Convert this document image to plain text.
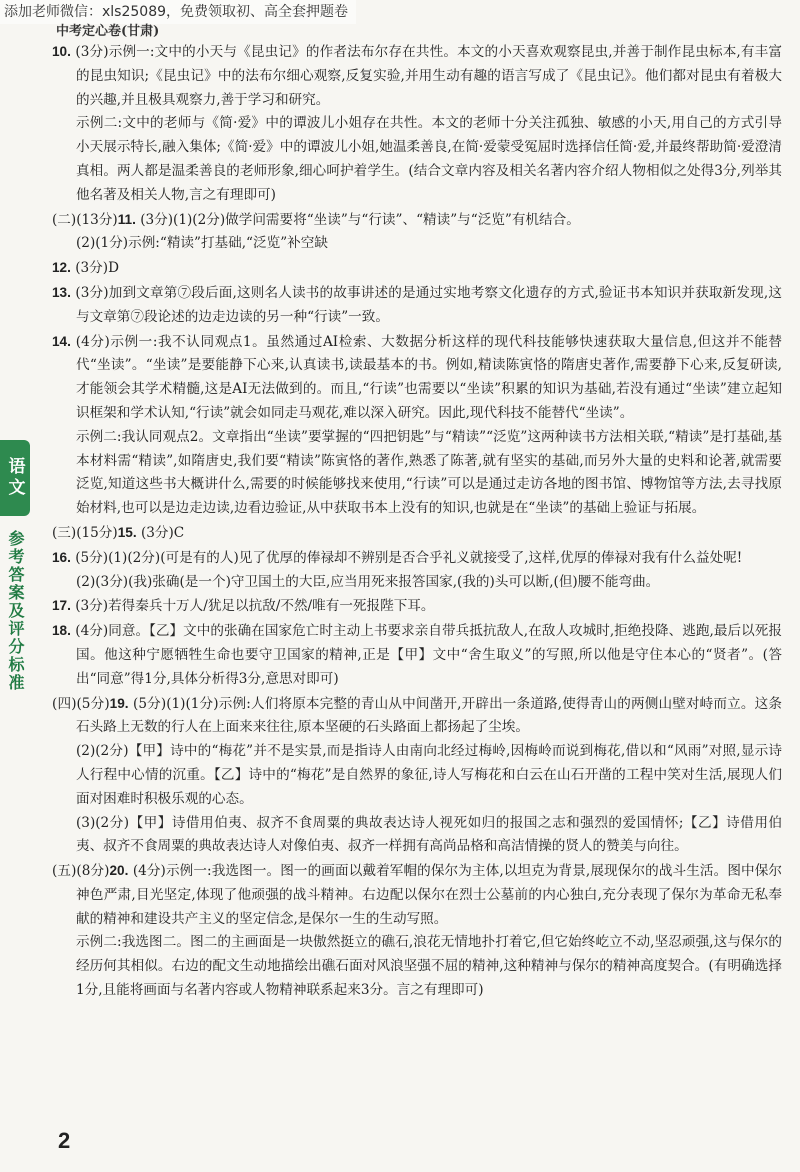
添加老师微信：xls25089，免费领取初、高全套押题卷
中考定心卷(甘肃)
语文
参考答案及评分标准

10. (3分)示例一:文中的小天与《昆虫记》的作者法布尔存在共性。本文的小天喜欢观察昆虫,并善于制作昆虫标本,有丰富的昆虫知识;《昆虫记》中的法布尔细心观察,反复实验,并用生动有趣的语言写成了《昆虫记》。他们都对昆虫有着极大的兴趣,并且极具观察力,善于学习和研究。

示例二:文中的老师与《简·爱》中的谭波儿小姐存在共性。本文的老师十分关注孤独、敏感的小天,用自己的方式引导小天展示特长,融入集体;《简·爱》中的谭波儿小姐,她温柔善良,在简·爱蒙受冤屈时选择信任简·爱,并最终帮助简·爱澄清真相。两人都是温柔善良的老师形象,细心呵护着学生。(结合文章内容及相关名著内容介绍人物相似之处得3分,列举其他名著及相关人物,言之有理即可)

(二)(13分)11. (3分)(1)(2分)做学问需要将“坐读”与“行读”、“精读”与“泛览”有机结合。

(2)(1分)示例:“精读”打基础,“泛览”补空缺

12. (3分)D

13. (3分)加到文章第⑦段后面,这则名人读书的故事讲述的是通过实地考察文化遗存的方式,验证书本知识并获取新发现,这与文章第⑦段论述的边走边读的另一种“行读”一致。

14. (4分)示例一:我不认同观点1。虽然通过AI检索、大数据分析这样的现代科技能够快速获取大量信息,但这并不能替代“坐读”。“坐读”是要能静下心来,认真读书,读最基本的书。例如,精读陈寅恪的隋唐史著作,需要静下心来,反复研读,才能领会其学术精髓,这是AI无法做到的。而且,“行读”也需要以“坐读”积累的知识为基础,若没有通过“坐读”建立起知识框架和学术认知,“行读”就会如同走马观花,难以深入研究。因此,现代科技不能替代“坐读”。

示例二:我认同观点2。文章指出“坐读”要掌握的“四把钥匙”与“精读”“泛览”这两种读书方法相关联,“精读”是打基础,基本材料需“精读”,如隋唐史,我们要“精读”陈寅恪的著作,熟悉了陈著,就有坚实的基础,而另外大量的史料和论著,就需要泛览,知道这些书大概讲什么,需要的时候能够找来使用,“行读”可以是通过走访各地的图书馆、博物馆等方法,去寻找原始材料,也可以是边走边读,边看边验证,从中获取书本上没有的知识,也就是在“坐读”的基础上验证与拓展。

(三)(15分)15. (3分)C

16. (5分)(1)(2分)(可是有的人)见了优厚的俸禄却不辨别是否合乎礼义就接受了,这样,优厚的俸禄对我有什么益处呢!

(2)(3分)(我)张确(是一个)守卫国土的大臣,应当用死来报答国家,(我的)头可以断,(但)腰不能弯曲。

17. (3分)若得秦兵十万人/犹足以抗敌/不然/唯有一死报陛下耳。

18. (4分)同意。【乙】文中的张确在国家危亡时主动上书要求亲自带兵抵抗敌人,在敌人攻城时,拒绝投降、逃跑,最后以死报国。他这种宁愿牺牲生命也要守卫国家的精神,正是【甲】文中“舍生取义”的写照,所以他是守住本心的“贤者”。(答出“同意”得1分,具体分析得3分,意思对即可)

(四)(5分)19. (5分)(1)(1分)示例:人们将原本完整的青山从中间凿开,开辟出一条道路,使得青山的两侧山壁对峙而立。这条石头路上无数的行人在上面来来往往,原本坚硬的石头路面上都扬起了尘埃。

(2)(2分)【甲】诗中的“梅花”并不是实景,而是指诗人由南向北经过梅岭,因梅岭而说到梅花,借以和“风雨”对照,显示诗人行程中心情的沉重。【乙】诗中的“梅花”是自然界的象征,诗人写梅花和白云在山石开凿的工程中笑对生活,展现人们面对困难时积极乐观的心态。

(3)(2分)【甲】诗借用伯夷、叔齐不食周粟的典故表达诗人视死如归的报国之志和强烈的爱国情怀;【乙】诗借用伯夷、叔齐不食周粟的典故表达诗人对像伯夷、叔齐一样拥有高尚品格和高洁情操的贤人的赞美与向往。

(五)(8分)20. (4分)示例一:我选图一。图一的画面以戴着军帽的保尔为主体,以坦克为背景,展现保尔的战斗生活。图中保尔神色严肃,目光坚定,体现了他顽强的战斗精神。右边配以保尔在烈士公墓前的内心独白,充分表现了保尔为革命无私奉献的精神和建设共产主义的坚定信念,是保尔一生的生动写照。

示例二:我选图二。图二的主画面是一块傲然挺立的礁石,浪花无情地扑打着它,但它始终屹立不动,坚忍顽强,这与保尔的经历何其相似。右边的配文生动地描绘出礁石面对风浪坚强不屈的精神,这种精神与保尔的精神高度契合。(有明确选择1分,且能将画面与名著内容或人物精神联系起来3分。言之有理即可)

2
